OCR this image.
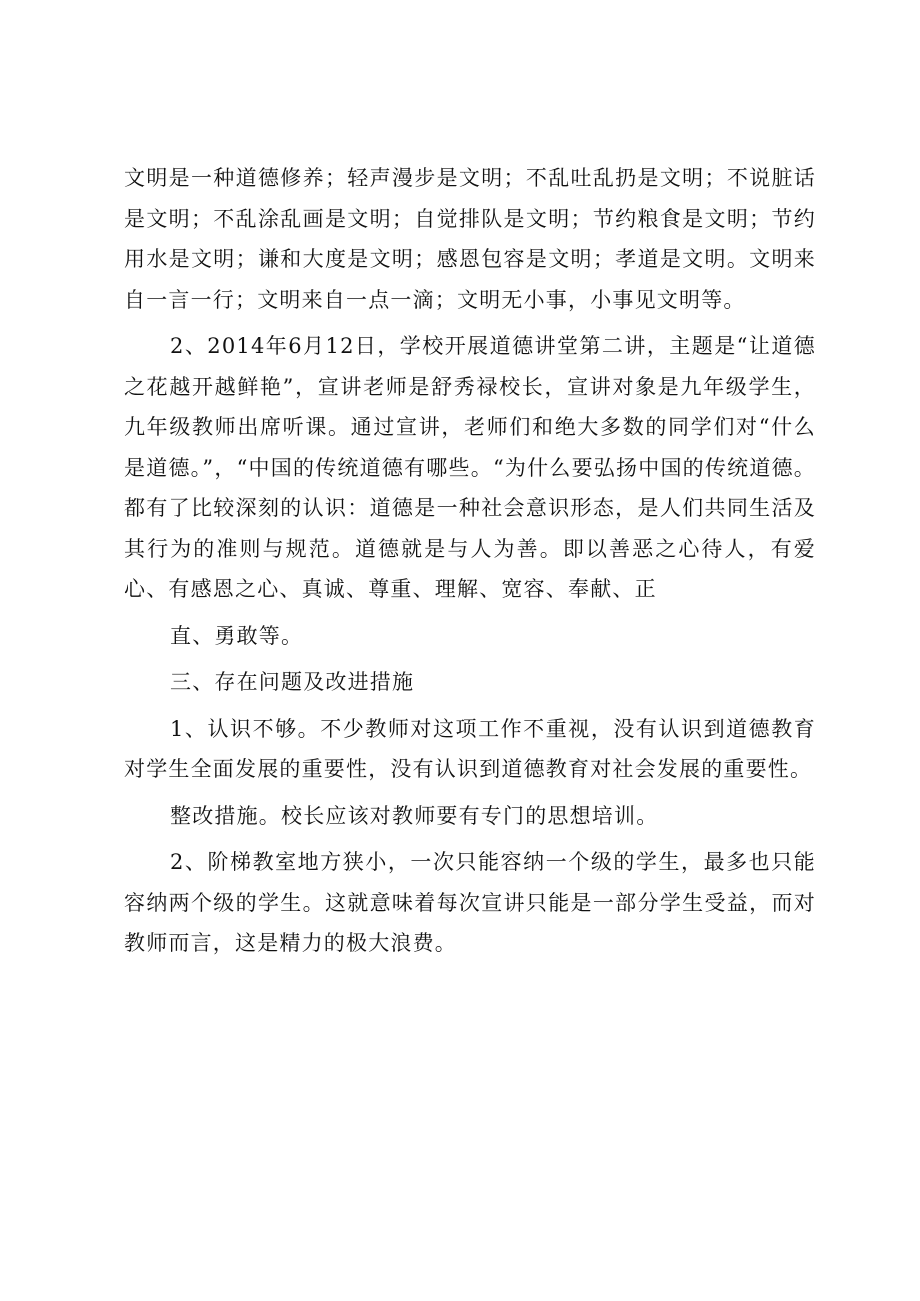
文明是一种道德修养；轻声漫步是文明；不乱吐乱扔是文明；不说脏话是文明；不乱涂乱画是文明；自觉排队是文明；节约粮食是文明；节约用水是文明；谦和大度是文明；感恩包容是文明；孝道是文明。文明来自一言一行；文明来自一点一滴；文明无小事，小事见文明等。

2、2014年6月12日，学校开展道德讲堂第二讲，主题是“让道德之花越开越鲜艳”，宣讲老师是舒秀禄校长，宣讲对象是九年级学生，九年级教师出席听课。通过宣讲，老师们和绝大多数的同学们对“什么是道德。”，“中国的传统道德有哪些。“为什么要弘扬中国的传统道德。都有了比较深刻的认识：道德是一种社会意识形态，是人们共同生活及其行为的准则与规范。道德就是与人为善。即以善恶之心待人，有爱心、有感恩之心、真诚、尊重、理解、宽容、奉献、正

直、勇敢等。

三、存在问题及改进措施

1、认识不够。不少教师对这项工作不重视，没有认识到道德教育对学生全面发展的重要性，没有认识到道德教育对社会发展的重要性。

整改措施。校长应该对教师要有专门的思想培训。

2、阶梯教室地方狭小，一次只能容纳一个级的学生，最多也只能容纳两个级的学生。这就意味着每次宣讲只能是一部分学生受益，而对教师而言，这是精力的极大浪费。
